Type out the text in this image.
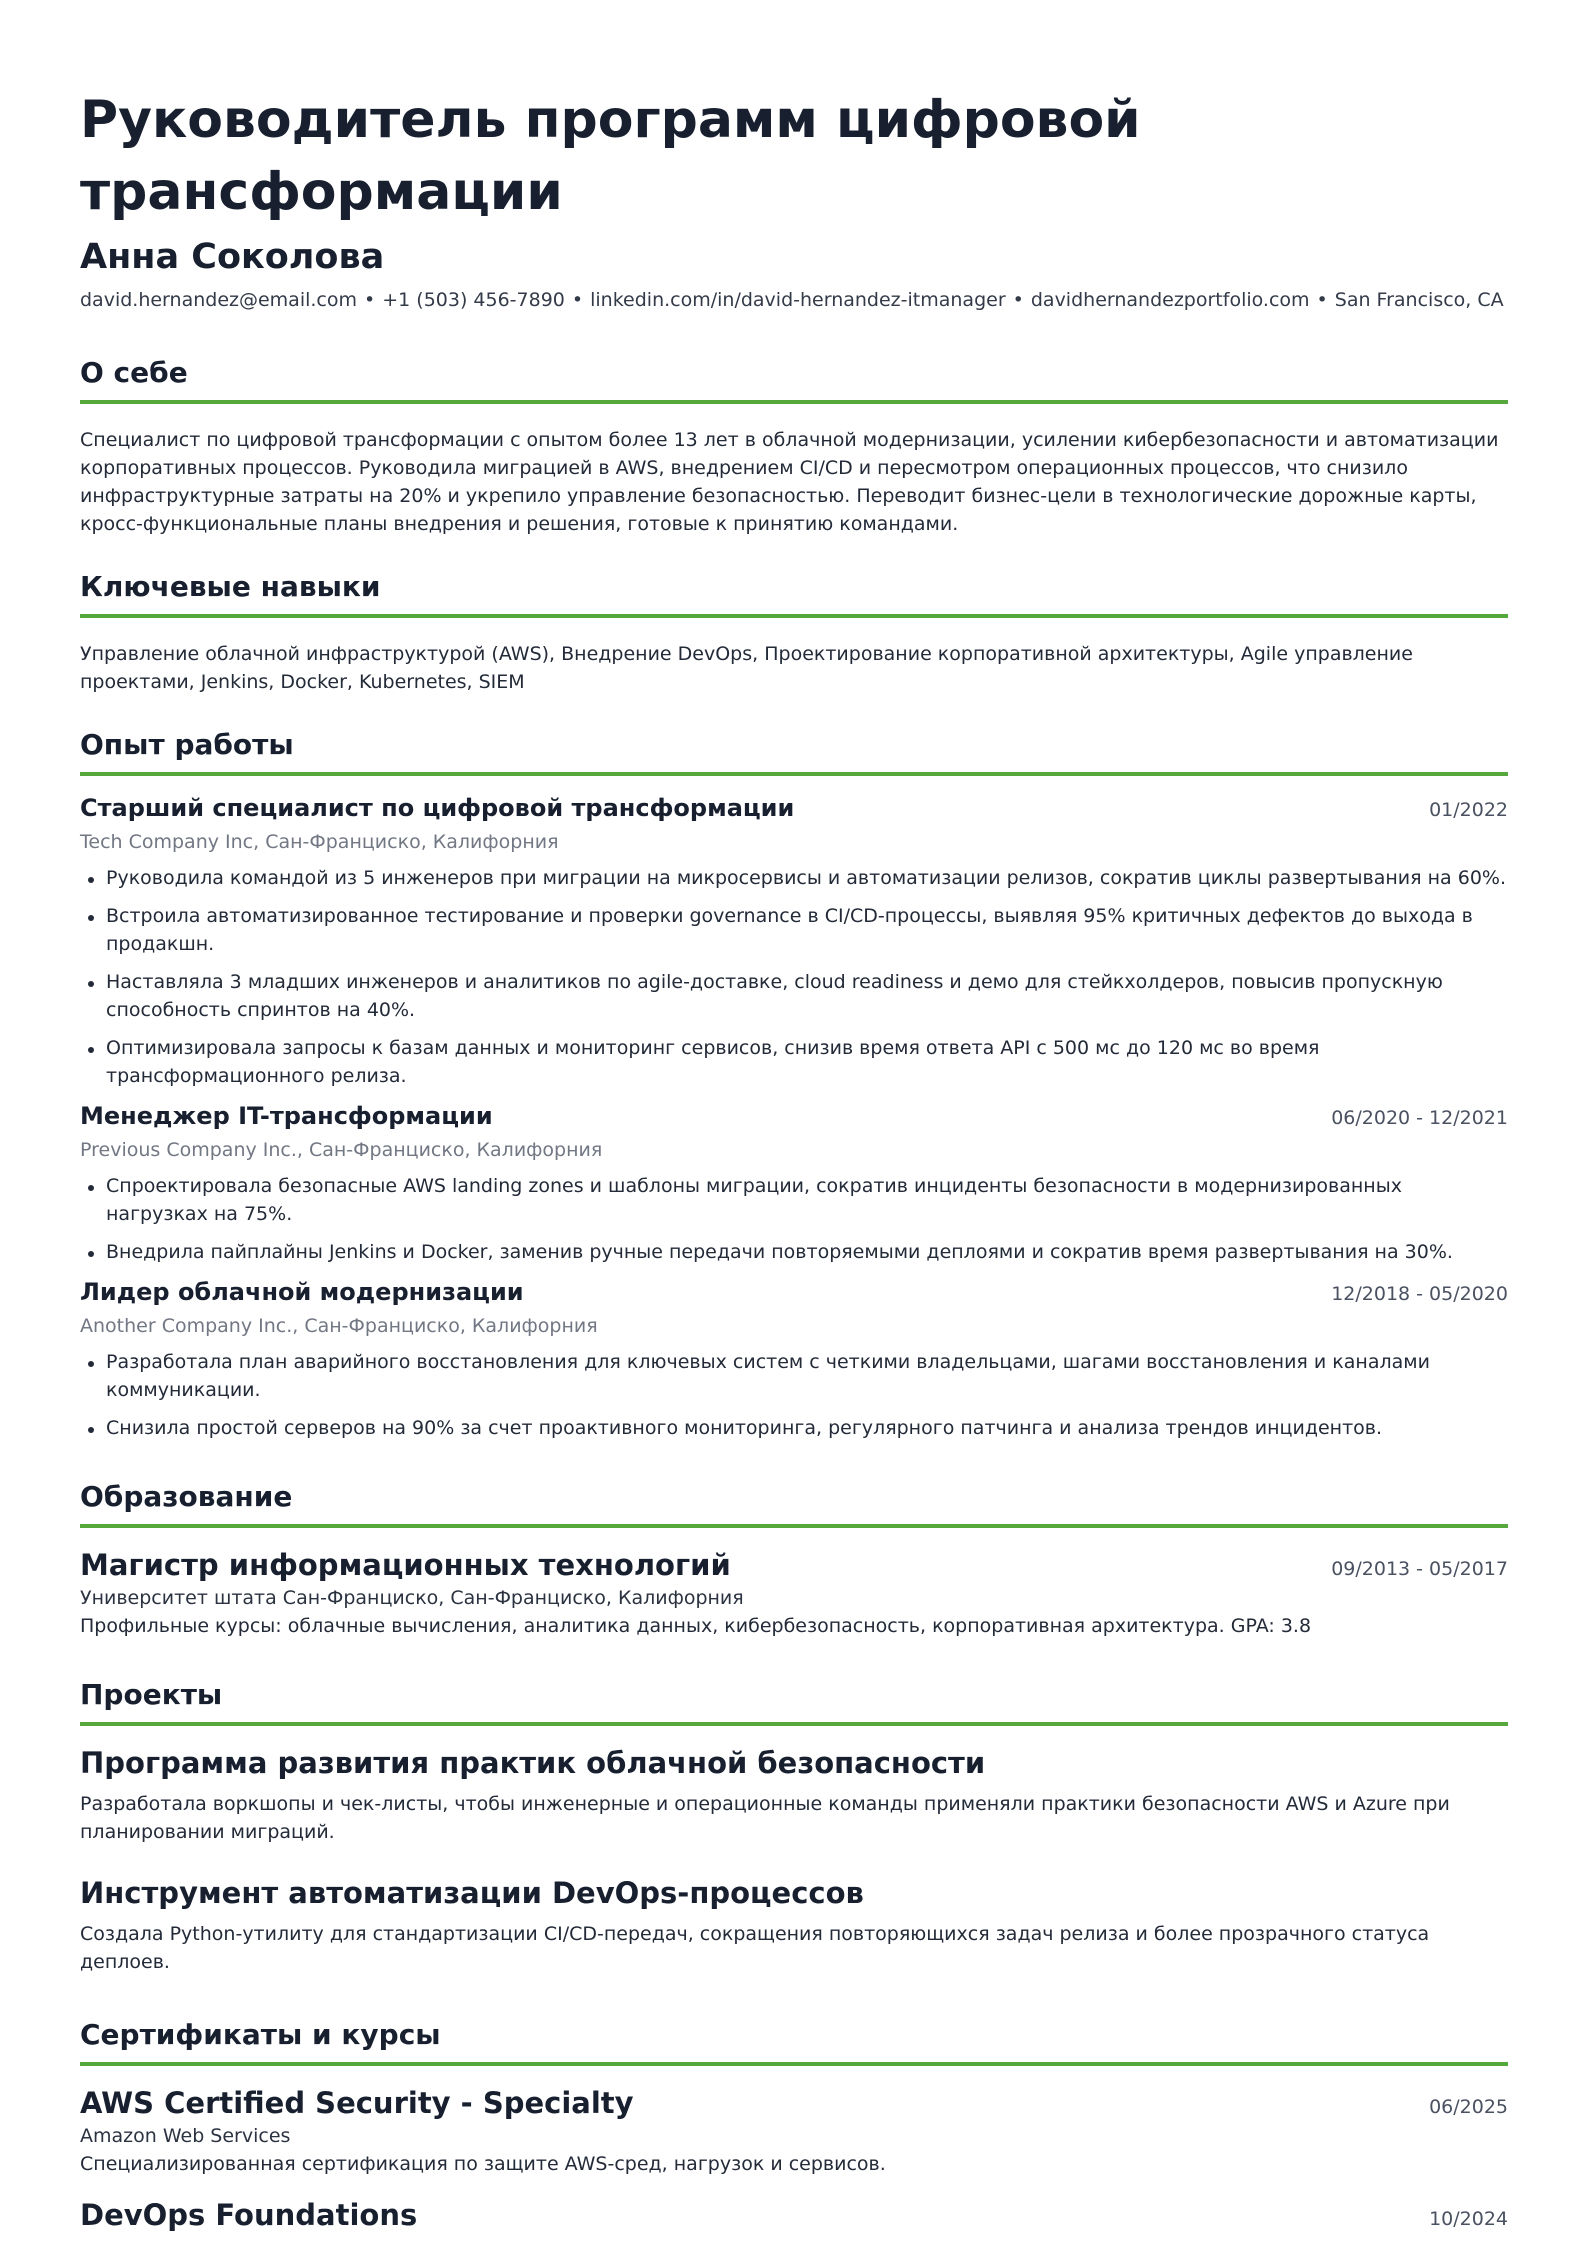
Руководитель программ цифровой трансформации
Анна Соколова
david.hernandez@email.com • +1 (503) 456-7890 • linkedin.com/in/david-hernandez-itmanager • davidhernandezportfolio.com • San Francisco, CA
О себе
Специалист по цифровой трансформации с опытом более 13 лет в облачной модернизации, усилении кибербезопасности и автоматизации корпоративных процессов. Руководила миграцией в AWS, внедрением CI/CD и пересмотром операционных процессов, что снизило инфраструктурные затраты на 20% и укрепило управление безопасностью. Переводит бизнес-цели в технологические дорожные карты, кросс-функциональные планы внедрения и решения, готовые к принятию командами.
Ключевые навыки
Управление облачной инфраструктурой (AWS), Внедрение DevOps, Проектирование корпоративной архитектуры, Agile управление проектами, Jenkins, Docker, Kubernetes, SIEM
Опыт работы
Старший специалист по цифровой трансформации	01/2022
Tech Company Inc, Сан-Франциско, Калифорния
Руководила командой из 5 инженеров при миграции на микросервисы и автоматизации релизов, сократив циклы развертывания на 60%.
Встроила автоматизированное тестирование и проверки governance в CI/CD-процессы, выявляя 95% критичных дефектов до выхода в продакшн.
Наставляла 3 младших инженеров и аналитиков по agile-доставке, cloud readiness и демо для стейкхолдеров, повысив пропускную способность спринтов на 40%.
Оптимизировала запросы к базам данных и мониторинг сервисов, снизив время ответа API с 500 мс до 120 мс во время трансформационного релиза.
Менеджер IT-трансформации	06/2020 - 12/2021
Previous Company Inc., Сан-Франциско, Калифорния
Спроектировала безопасные AWS landing zones и шаблоны миграции, сократив инциденты безопасности в модернизированных нагрузках на 75%.
Внедрила пайплайны Jenkins и Docker, заменив ручные передачи повторяемыми деплоями и сократив время развертывания на 30%.
Лидер облачной модернизации	12/2018 - 05/2020
Another Company Inc., Сан-Франциско, Калифорния
Разработала план аварийного восстановления для ключевых систем с четкими владельцами, шагами восстановления и каналами коммуникации.
Снизила простой серверов на 90% за счет проактивного мониторинга, регулярного патчинга и анализа трендов инцидентов.
Образование
Магистр информационных технологий	09/2013 - 05/2017
Университет штата Сан-Франциско, Сан-Франциско, Калифорния
Профильные курсы: облачные вычисления, аналитика данных, кибербезопасность, корпоративная архитектура. GPA: 3.8
Проекты
Программа развития практик облачной безопасности
Разработала воркшопы и чек-листы, чтобы инженерные и операционные команды применяли практики безопасности AWS и Azure при планировании миграций.
Инструмент автоматизации DevOps-процессов
Создала Python-утилиту для стандартизации CI/CD-передач, сокращения повторяющихся задач релиза и более прозрачного статуса деплоев.
Сертификаты и курсы
AWS Certified Security - Specialty	06/2025
Amazon Web Services
Специализированная сертификация по защите AWS-сред, нагрузок и сервисов.
DevOps Foundations	10/2024
